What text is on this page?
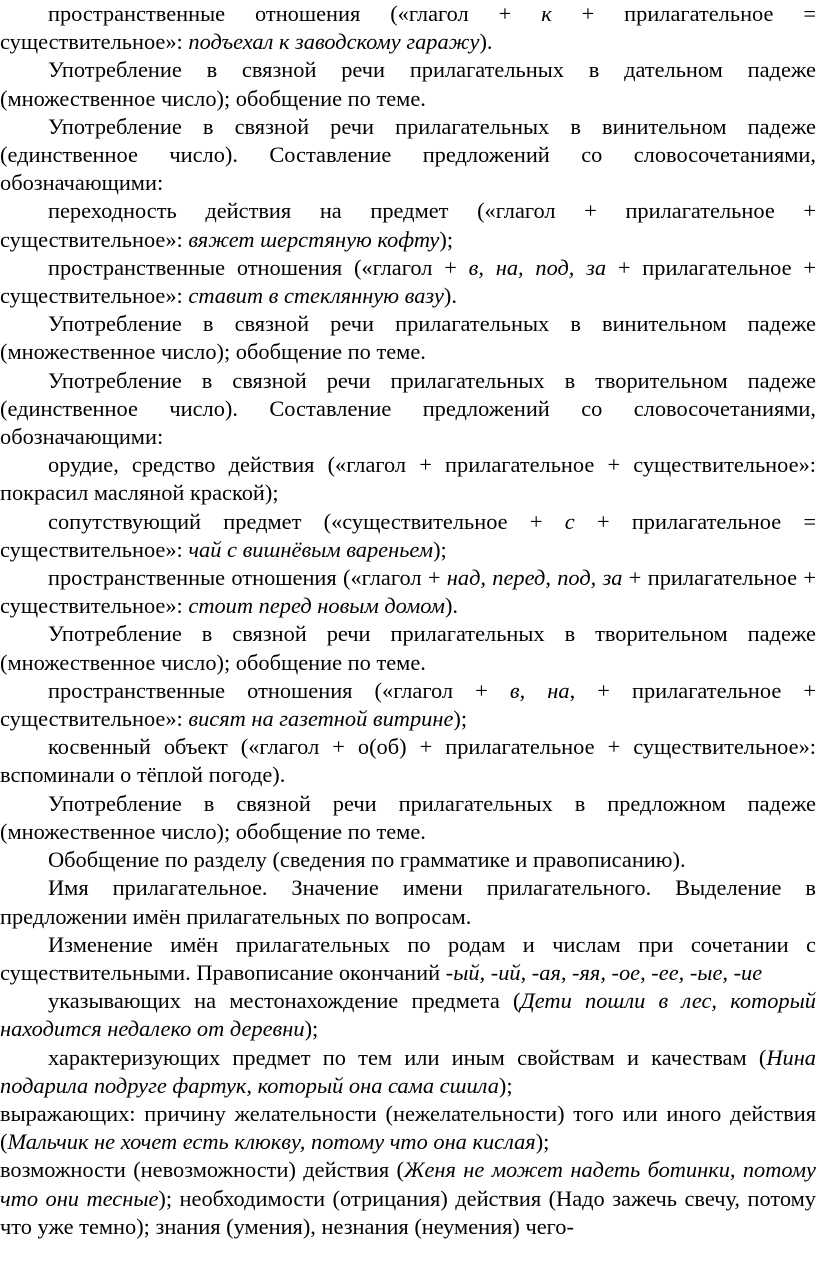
пространственные отношения («глагол + к + прилагательное = существительное»: подъехал к заводскому гаражу).

Употребление в связной речи прилагательных в дательном падеже (множественное число); обобщение по теме.

Употребление в связной речи прилагательных в винительном падеже (единственное число). Составление предложений со словосочетаниями, обозначающими:

переходность действия на предмет («глагол + прилагательное + существительное»: вяжет шерстяную кофту);

пространственные отношения («глагол + в, на, под, за + прилагательное + существительное»: ставит в стеклянную вазу).

Употребление в связной речи прилагательных в винительном падеже (множественное число); обобщение по теме.

Употребление в связной речи прилагательных в творительном падеже (единственное число). Составление предложений со словосочетаниями, обозначающими:

орудие, средство действия («глагол + прилагательное + существительное»: покрасил масляной краской);

сопутствующий предмет («существительное + с + прилагательное = существительное»: чай с вишнёвым вареньем);

пространственные отношения («глагол + над, перед, под, за + прилагательное + существительное»: стоит перед новым домом).

Употребление в связной речи прилагательных в творительном падеже (множественное число); обобщение по теме.

пространственные отношения («глагол + в, на, + прилагательное + существительное»: висят на газетной витрине);

косвенный объект («глагол + о(об) + прилагательное + существительное»: вспоминали о тёплой погоде).

Употребление в связной речи прилагательных в предложном падеже (множественное число); обобщение по теме.

Обобщение по разделу (сведения по грамматике и правописанию).

Имя прилагательное. Значение имени прилагательного. Выделение в предложении имён прилагательных по вопросам.

Изменение имён прилагательных по родам и числам при сочетании с существительными. Правописание окончаний -ый, -ий, -ая, -яя, -ое, -ее, -ые, -ие

указывающих на местонахождение предмета (Дети пошли в лес, который находится недалеко от деревни);

характеризующих предмет по тем или иным свойствам и качествам (Нина подарила подруге фартук, который она сама сшила);

выражающих: причину желательности (нежелательности) того или иного действия (Мальчик не хочет есть клюкву, потому что она кислая);

возможности (невозможности) действия (Женя не может надеть ботинки, потому что они тесные); необходимости (отрицания) действия (Надо зажечь свечу, потому что уже темно); знания (умения), незнания (неумения) чего-
